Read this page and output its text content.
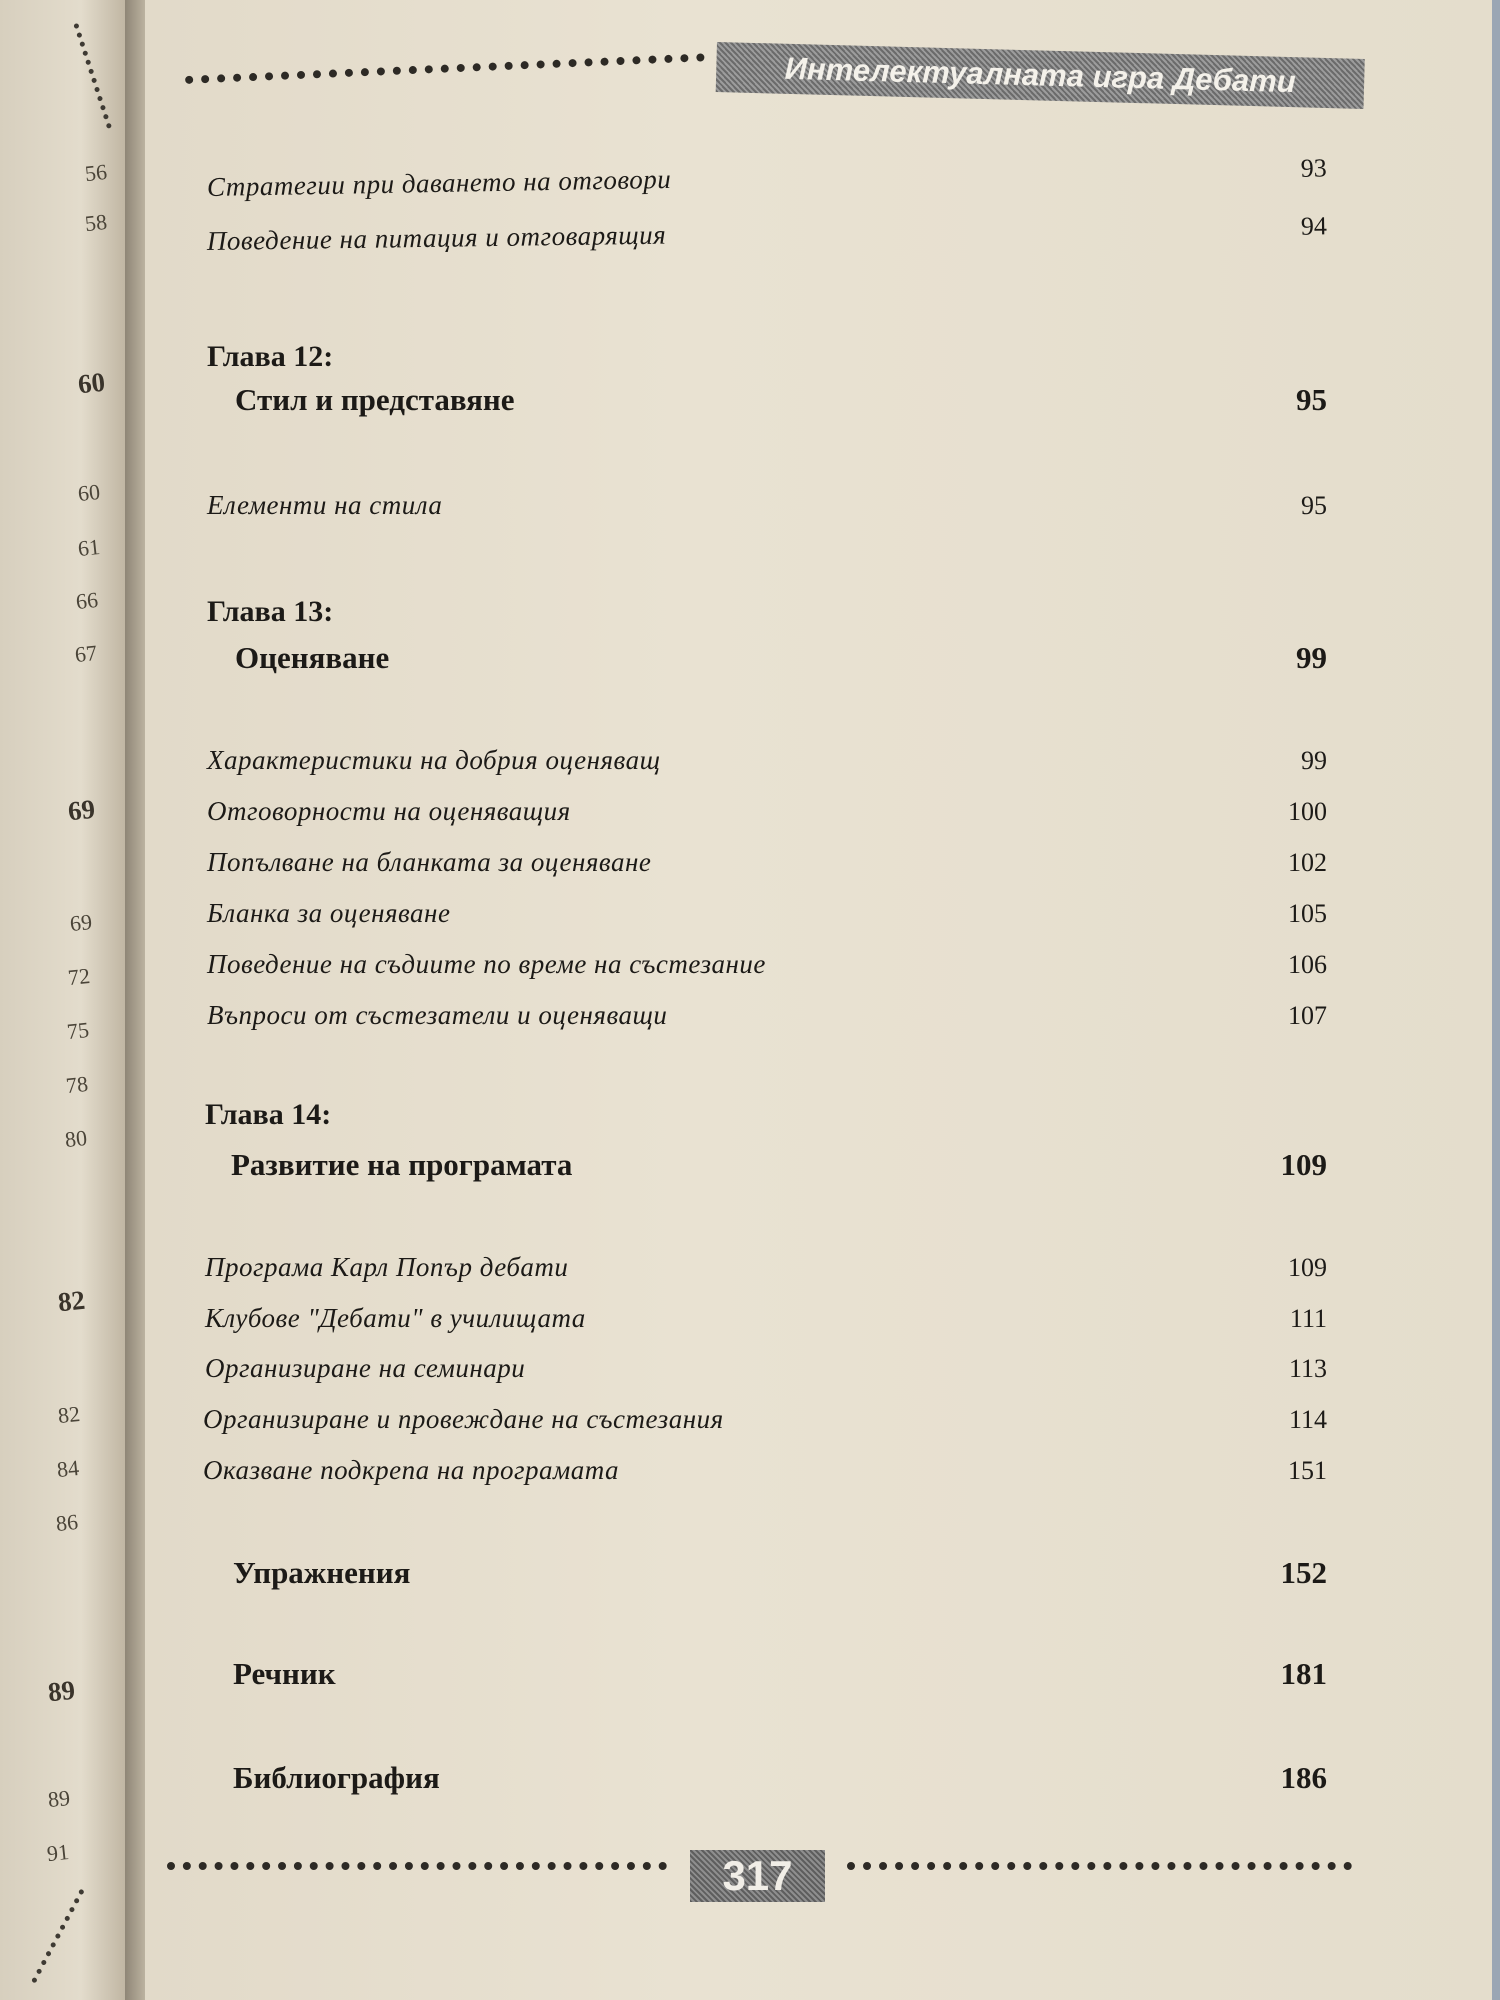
56
58
60
60
61
66
67
69
69
72
75
78
80
82
82
84
86
89
89
91
Интелектуалната игра Дебати
Стратегии при даването на отговори	93
Поведение на питация и отговарящия	94
Глава 12:
Стил и представяне	95
Елементи на стила	95
Глава 13:
Оценяване	99
Характеристики на добрия оценяващ	99
Отговорности на оценяващия	100
Попълване на бланката за оценяване	102
Бланка за оценяване	105
Поведение на съдиите по време на състезание	106
Въпроси от състезатели и оценяващи	107
Глава 14:
Развитие на програмата	109
Програма Карл Попър дебати	109
Клубове "Дебати" в училищата	111
Организиране на семинари	113
Организиране и провеждане на състезания	114
Оказване подкрепа на програмата	151
Упражнения	152
Речник	181
Библиография	186
317
